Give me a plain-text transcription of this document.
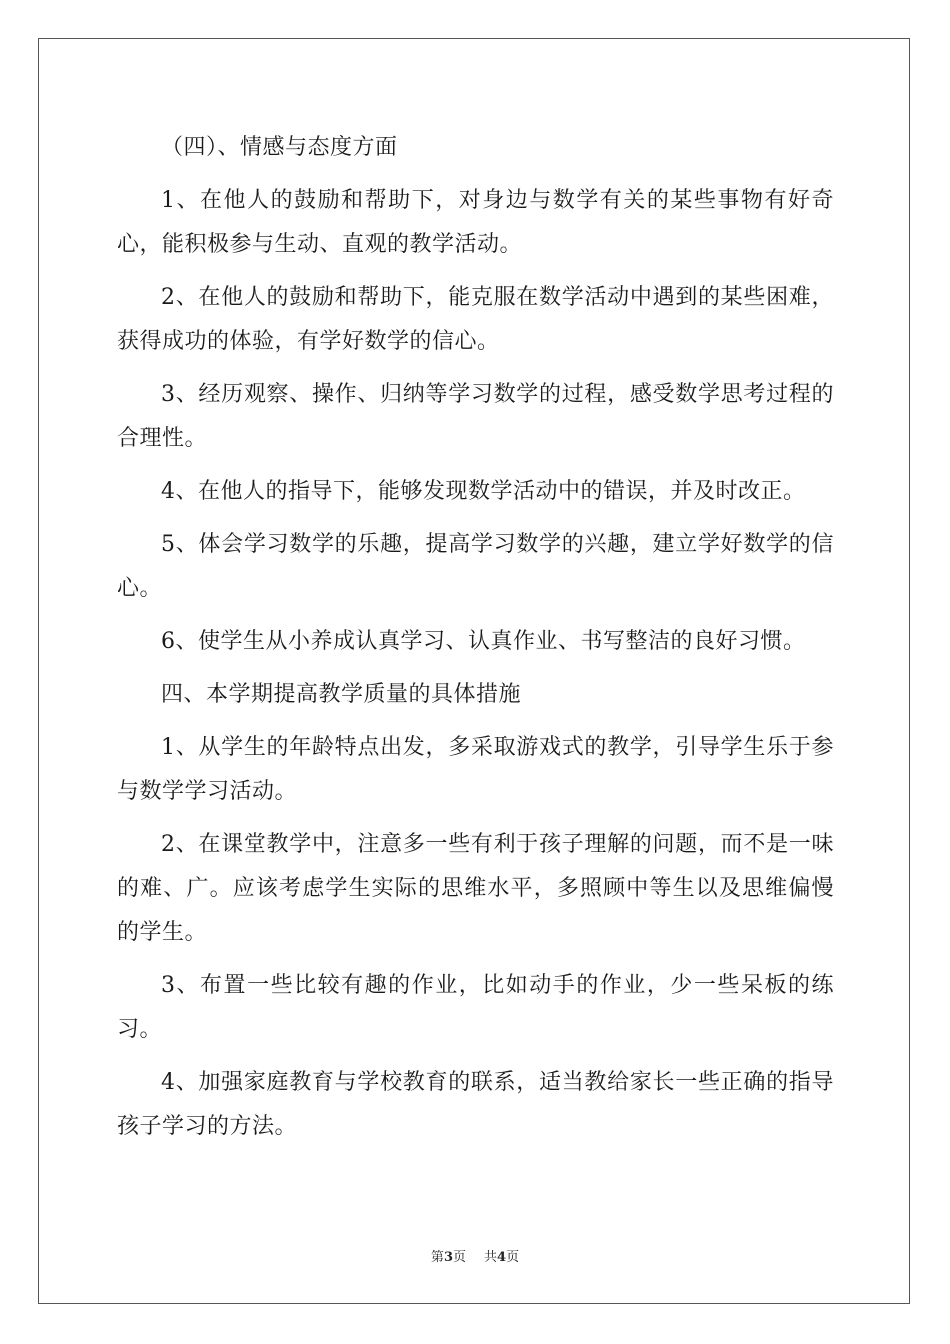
（四）、情感与态度方面

1、在他人的鼓励和帮助下，对身边与数学有关的某些事物有好奇心，能积极参与生动、直观的教学活动。

2、在他人的鼓励和帮助下，能克服在数学活动中遇到的某些困难，获得成功的体验，有学好数学的信心。

3、经历观察、操作、归纳等学习数学的过程，感受数学思考过程的合理性。

4、在他人的指导下，能够发现数学活动中的错误，并及时改正。

5、体会学习数学的乐趣，提高学习数学的兴趣，建立学好数学的信心。

6、使学生从小养成认真学习、认真作业、书写整洁的良好习惯。

四、本学期提高教学质量的具体措施

1、从学生的年龄特点出发，多采取游戏式的教学，引导学生乐于参与数学学习活动。

2、在课堂教学中，注意多一些有利于孩子理解的问题，而不是一味的难、广。应该考虑学生实际的思维水平，多照顾中等生以及思维偏慢的学生。

3、布置一些比较有趣的作业，比如动手的作业，少一些呆板的练习。

4、加强家庭教育与学校教育的联系，适当教给家长一些正确的指导孩子学习的方法。

第3页 共4页
